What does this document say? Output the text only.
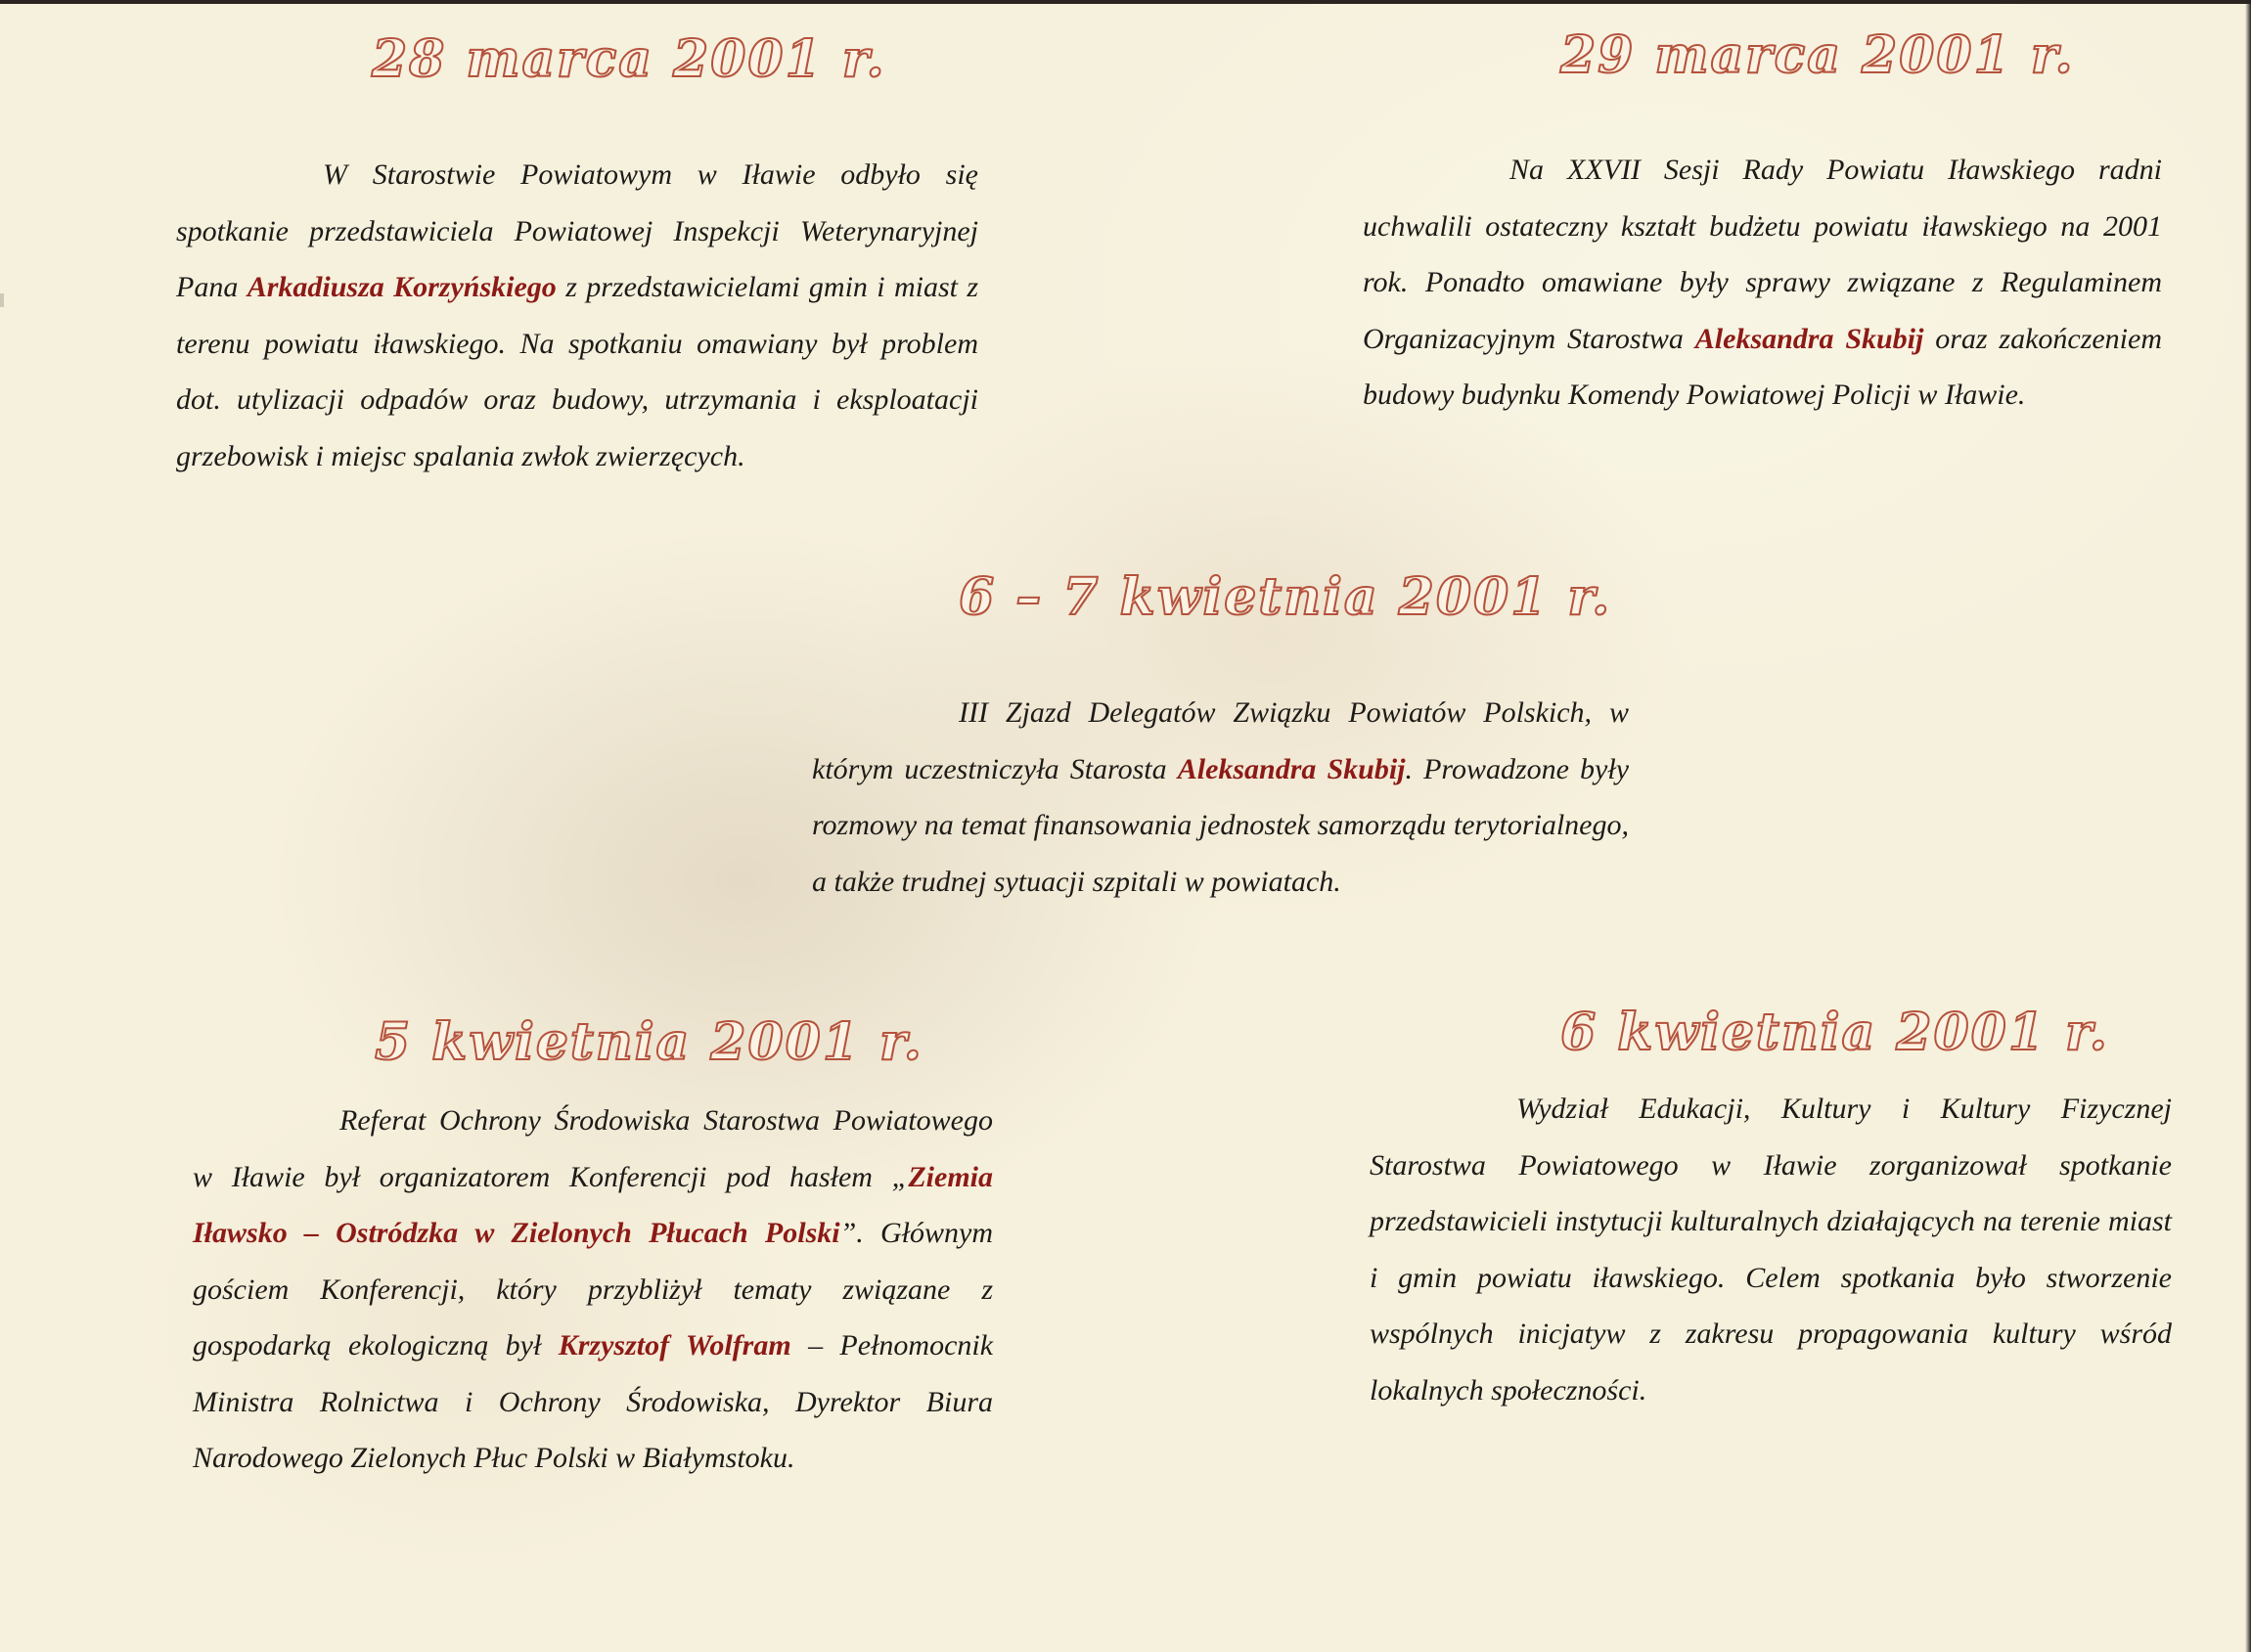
28 marca 2001 r.

W Starostwie Powiatowym w Iławie odbyło się spotkanie przedstawiciela Powiatowej Inspekcji Weterynaryjnej Pana Arkadiusza Korzyńskiego z przedstawicielami gmin i miast z terenu powiatu iławskiego. Na spotkaniu omawiany był problem dot. utylizacji odpadów oraz budowy, utrzymania i eksploatacji grzebowisk i miejsc spalania zwłok zwierzęcych.

29 marca 2001 r.

Na XXVII Sesji Rady Powiatu Iławskiego radni uchwalili ostateczny kształt budżetu powiatu iławskiego na 2001 rok. Ponadto omawiane były sprawy związane z Regulaminem Organizacyjnym Starostwa Aleksandra Skubij oraz zakończeniem budowy budynku Komendy Powiatowej Policji w Iławie.

6 – 7 kwietnia 2001 r.

III Zjazd Delegatów Związku Powiatów Polskich, w którym uczestniczyła Starosta Aleksandra Skubij. Prowadzone były rozmowy na temat finansowania jednostek samorządu terytorialnego, a także trudnej sytuacji szpitali w powiatach.

5 kwietnia 2001 r.

Referat Ochrony Środowiska Starostwa Powiatowego w Iławie był organizatorem Konferencji pod hasłem „Ziemia Iławsko – Ostródzka w Zielonych Płucach Polski”. Głównym gościem Konferencji, który przybliżył tematy związane z gospodarką ekologiczną był Krzysztof Wolfram – Pełnomocnik Ministra Rolnictwa i Ochrony Środowiska, Dyrektor Biura Narodowego Zielonych Płuc Polski w Białymstoku.

6 kwietnia 2001 r.

Wydział Edukacji, Kultury i Kultury Fizycznej Starostwa Powiatowego w Iławie zorganizował spotkanie przedstawicieli instytucji kulturalnych działających na terenie miast i gmin powiatu iławskiego. Celem spotkania było stworzenie wspólnych inicjatyw z zakresu propagowania kultury wśród lokalnych społeczności.
